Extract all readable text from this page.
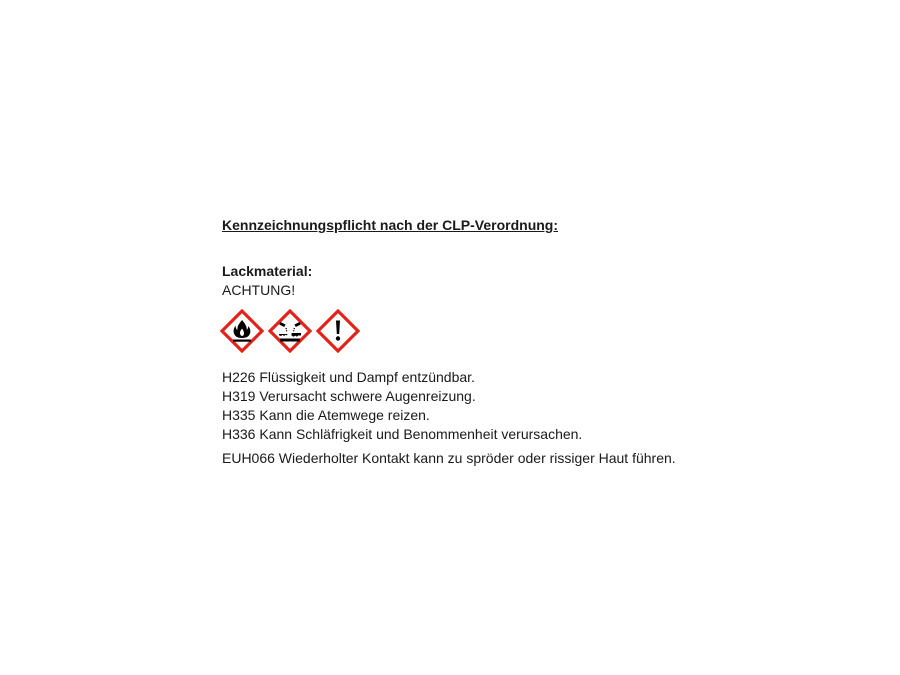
Kennzeichnungspflicht nach der CLP-Verordnung:

Lackmaterial:

ACHTUNG!

H226 Flüssigkeit und Dampf entzündbar.
H319 Verursacht schwere Augenreizung.
H335 Kann die Atemwege reizen.
H336 Kann Schläfrigkeit und Benommenheit verursachen.

EUH066 Wiederholter Kontakt kann zu spröder oder rissiger Haut führen.
